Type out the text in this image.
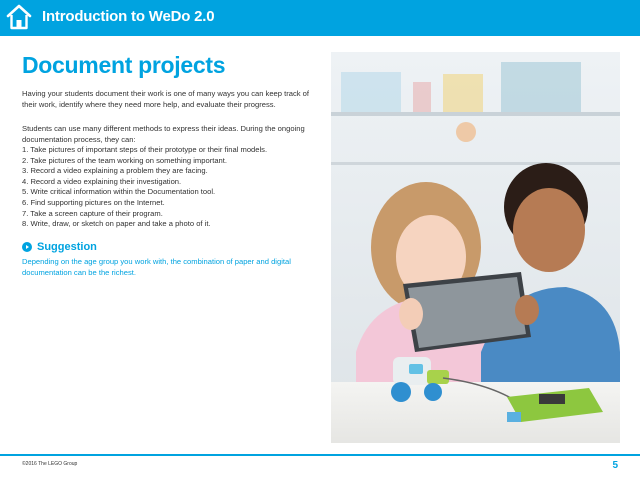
Introduction to WeDo 2.0
Document projects

Having your students document their work is one of many ways you can keep track of their work, identify where they need more help, and evaluate their progress.

Students can use many different methods to express their ideas. During the ongoing documentation process, they can:

1. Take pictures of important steps of their prototype or their final models.
2. Take pictures of the team working on something important.
3. Record a video explaining a problem they are facing.
4. Record a video explaining their investigation.
5. Write critical information within the Documentation tool.
6. Find supporting pictures on the Internet.
7. Take a screen capture of their program.
8. Write, draw, or sketch on paper and take a photo of it.
Suggestion

Depending on the age group you work with, the combination of paper and digital documentation can be the richest.

©2016 The LEGO Group	5
